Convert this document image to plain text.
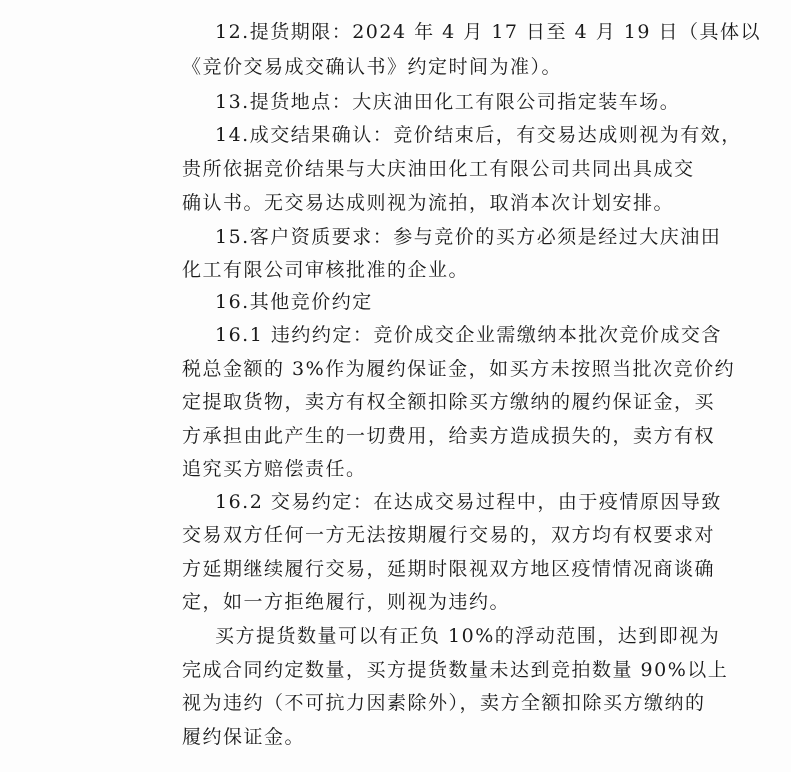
12.提货期限：2024 年 4 月 17 日至 4 月 19 日（具体以
《竞价交易成交确认书》约定时间为准）。
13.提货地点：大庆油田化工有限公司指定装车场。
14.成交结果确认：竞价结束后，有交易达成则视为有效，
贵所依据竞价结果与大庆油田化工有限公司共同出具成交
确认书。无交易达成则视为流拍，取消本次计划安排。
15.客户资质要求：参与竞价的买方必须是经过大庆油田
化工有限公司审核批准的企业。
16.其他竞价约定
16.1 违约约定：竞价成交企业需缴纳本批次竞价成交含
税总金额的 3%作为履约保证金，如买方未按照当批次竞价约
定提取货物，卖方有权全额扣除买方缴纳的履约保证金，买
方承担由此产生的一切费用，给卖方造成损失的，卖方有权
追究买方赔偿责任。
16.2 交易约定：在达成交易过程中，由于疫情原因导致
交易双方任何一方无法按期履行交易的，双方均有权要求对
方延期继续履行交易，延期时限视双方地区疫情情况商谈确
定，如一方拒绝履行，则视为违约。
买方提货数量可以有正负 10%的浮动范围，达到即视为
完成合同约定数量，买方提货数量未达到竞拍数量 90%以上
视为违约（不可抗力因素除外），卖方全额扣除买方缴纳的
履约保证金。
